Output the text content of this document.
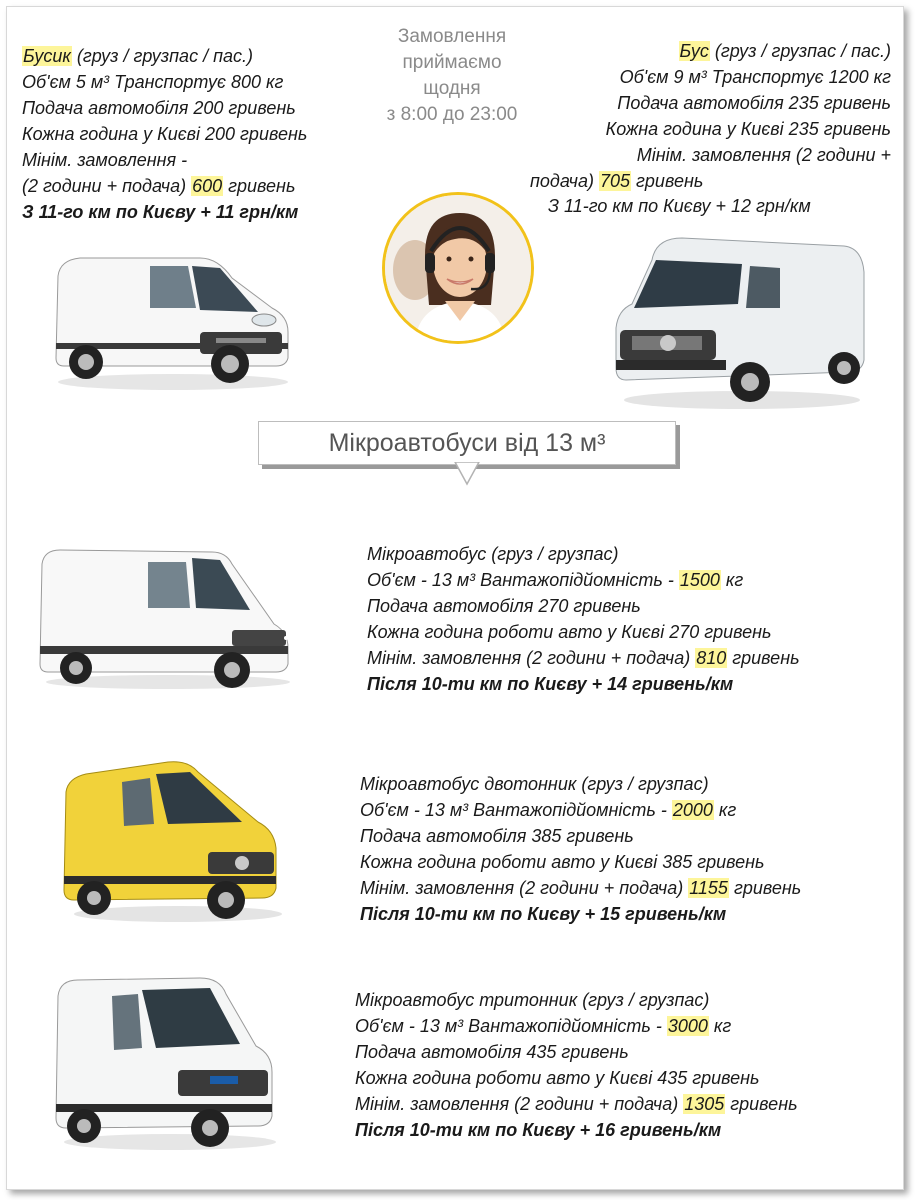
Бусик (груз / грузпас / пас.)
Об'єм 5 м³ Транспортує 800 кг
Подача автомобіля 200 гривень
Кожна година у Києві 200 гривень
Мінім. замовлення -
(2 години + подача) 600 гривень
З 11-го км по Києву + 11 грн/км
Замовлення
приймаємо
щодня
з 8:00 до 23:00
Бус (груз / грузпас / пас.)
Об'єм 9 м³ Транспортує 1200 кг
Подача автомобіля 235 гривень
Кожна година у Києві 235 гривень
Мінім. замовлення (2 години +
подача) 705 гривень
З 11-го км по Києву + 12 грн/км
Мікроавтобуси від 13 м³
Мікроавтобус (груз / грузпас)
Об'єм - 13 м³ Вантажопідйомність - 1500 кг
Подача автомобіля 270 гривень
Кожна година роботи авто у Києві 270 гривень
Мінім. замовлення (2 години + подача) 810 гривень
Після 10-ти км по Києву + 14 гривень/км
Мікроавтобус двотонник (груз / грузпас)
Об'єм - 13 м³ Вантажопідйомність - 2000 кг
Подача автомобіля 385 гривень
Кожна година роботи авто у Києві 385 гривень
Мінім. замовлення (2 години + подача) 1155 гривень
Після 10-ти км по Києву + 15 гривень/км
Мікроавтобус тритонник (груз / грузпас)
Об'єм - 13 м³ Вантажопідйомність - 3000 кг
Подача автомобіля 435 гривень
Кожна година роботи авто у Києві 435 гривень
Мінім. замовлення (2 години + подача) 1305 гривень
Після 10-ти км по Києву + 16 гривень/км
